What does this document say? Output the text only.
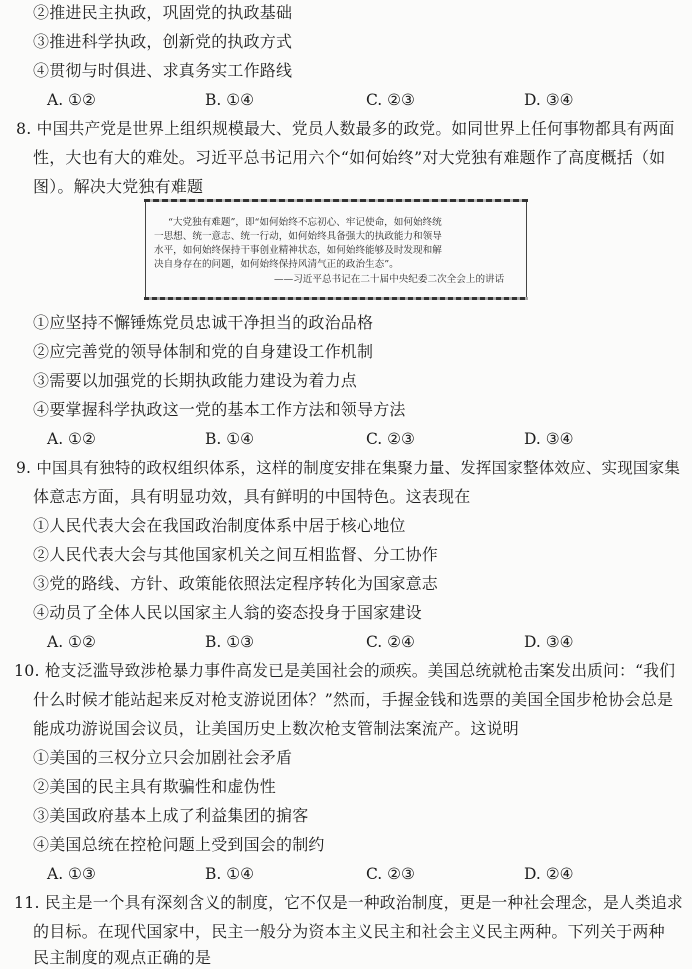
②推进民主执政，巩固党的执政基础
③推进科学执政，创新党的执政方式
④贯彻与时俱进、求真务实工作路线
A. ①②	B. ①④	C. ②③	D. ③④
8. 中国共产党是世界上组织规模最大、党员人数最多的政党。如同世界上任何事物都具有两面
性，大也有大的难处。习近平总书记用六个“如何始终”对大党独有难题作了高度概括（如
图）。解决大党独有难题
“大党独有难题”，即“如何始终不忘初心、牢记使命，如何始终统
一思想、统一意志、统一行动，如何始终具备强大的执政能力和领导
水平，如何始终保持干事创业精神状态，如何始终能够及时发现和解
决自身存在的问题，如何始终保持风清气正的政治生态”。
——习近平总书记在二十届中央纪委二次全会上的讲话
①应坚持不懈锤炼党员忠诚干净担当的政治品格
②应完善党的领导体制和党的自身建设工作机制
③需要以加强党的长期执政能力建设为着力点
④要掌握科学执政这一党的基本工作方法和领导方法
A. ①②	B. ①④	C. ②③	D. ③④
9. 中国具有独特的政权组织体系，这样的制度安排在集聚力量、发挥国家整体效应、实现国家集
体意志方面，具有明显功效，具有鲜明的中国特色。这表现在
①人民代表大会在我国政治制度体系中居于核心地位
②人民代表大会与其他国家机关之间互相监督、分工协作
③党的路线、方针、政策能依照法定程序转化为国家意志
④动员了全体人民以国家主人翁的姿态投身于国家建设
A. ①②	B. ①③	C. ②④	D. ③④
10. 枪支泛滥导致涉枪暴力事件高发已是美国社会的顽疾。美国总统就枪击案发出质问：“我们
什么时候才能站起来反对枪支游说团体？”然而，手握金钱和选票的美国全国步枪协会总是
能成功游说国会议员，让美国历史上数次枪支管制法案流产。这说明
①美国的三权分立只会加剧社会矛盾
②美国的民主具有欺骗性和虚伪性
③美国政府基本上成了利益集团的掮客
④美国总统在控枪问题上受到国会的制约
A. ①③	B. ①④	C. ②③	D. ②④
11. 民主是一个具有深刻含义的制度，它不仅是一种政治制度，更是一种社会理念，是人类追求
的目标。在现代国家中，民主一般分为资本主义民主和社会主义民主两种。下列关于两种
民主制度的观点正确的是
